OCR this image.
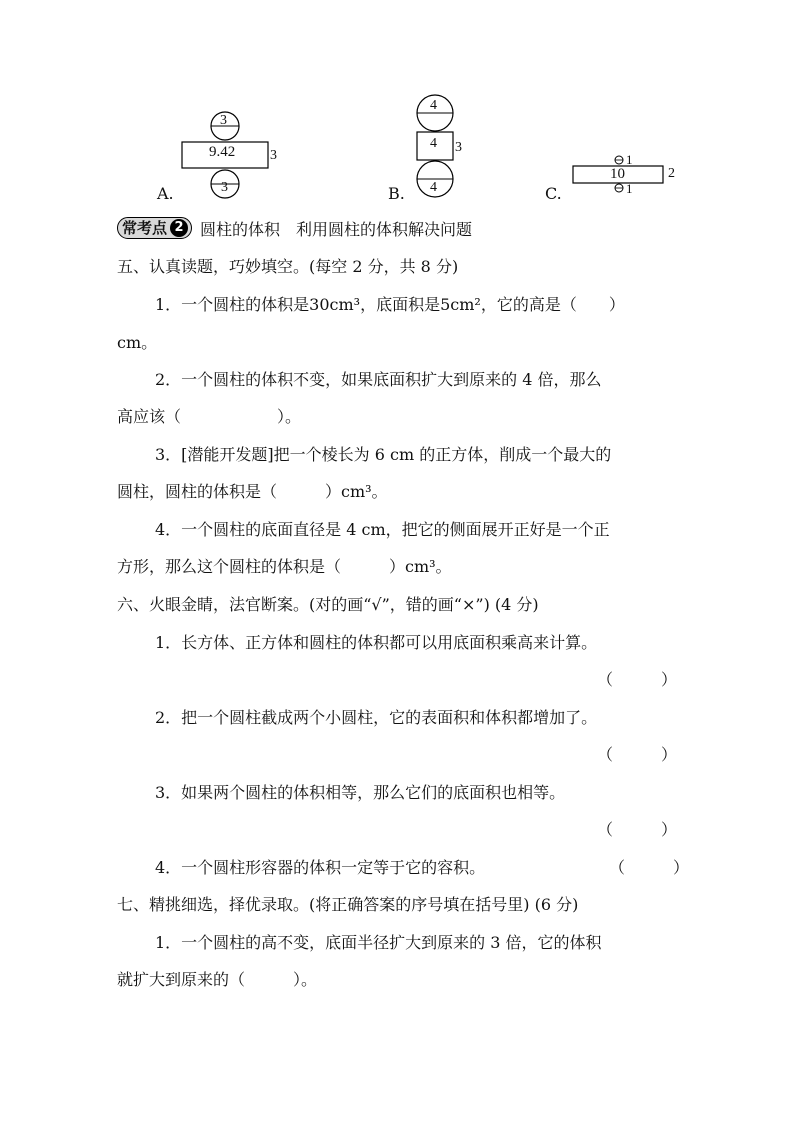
3
9.42 3
3
A.
4
4 3
4
B.
1
10	2
1
C.
常考点 2 圆柱的体积　利用圆柱的体积解决问题
五、认真读题，巧妙填空。(每空 2 分，共 8 分)
1．一个圆柱的体积是30cm³，底面积是5cm²，它的高是（　　）
cm。
2．一个圆柱的体积不变，如果底面积扩大到原来的 4 倍，那么
高应该（　　　　　　）。
3．[潜能开发题]把一个棱长为 6 cm 的正方体，削成一个最大的
圆柱，圆柱的体积是（　　　）cm³。
4．一个圆柱的底面直径是 4 cm，把它的侧面展开正好是一个正
方形，那么这个圆柱的体积是（　　　）cm³。
六、火眼金睛，法官断案。(对的画“√”，错的画“×”) (4 分)
1．长方体、正方体和圆柱的体积都可以用底面积乘高来计算。
（　　　）
2．把一个圆柱截成两个小圆柱，它的表面积和体积都增加了。
（　　　）
3．如果两个圆柱的体积相等，那么它们的底面积也相等。
（　　　）
4．一个圆柱形容器的体积一定等于它的容积。	（　　　）
七、精挑细选，择优录取。(将正确答案的序号填在括号里) (6 分)
1．一个圆柱的高不变，底面半径扩大到原来的 3 倍，它的体积
就扩大到原来的（　　　）。
